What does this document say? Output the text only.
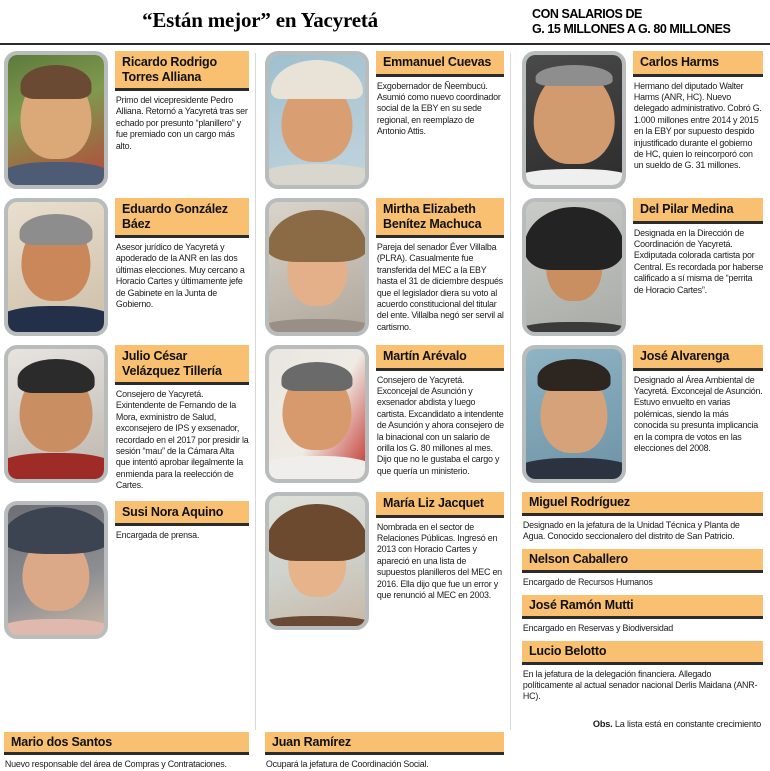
“Están mejor” en Yacyretá	CON SALARIOS DE
G. 15 MILLONES A G. 80 MILLONES
Ricardo Rodrigo Torres Alliana
Primo del vicepresidente Pedro Alliana. Retornó a Yacyretá tras ser echado por presunto “planillero” y fue premiado con un cargo más alto.
Eduardo González Báez
Asesor jurídico de Yacyretá y apoderado de la ANR en las dos últimas elecciones. Muy cercano a Horacio Cartes y últimamente jefe de Gabinete en la Junta de Gobierno.
Julio César Velázquez Tillería
Consejero de Yacyretá. Exintendente de Fernando de la Mora, exministro de Salud, exconsejero de IPS y exsenador, recordado en el 2017 por presidir la sesión “mau” de la Cámara Alta que intentó aprobar ilegalmente la enmienda para la reelección de Cartes.
Susi Nora Aquino
Encargada de prensa.
Emmanuel Cuevas
Exgobernador de Ñeembucú. Asumió como nuevo coordinador social de la EBY en su sede regional, en reemplazo de Antonio Attis.
Mirtha Elizabeth Benítez Machuca
Pareja del senador Éver Villalba (PLRA). Casualmente fue transferida del MEC a la EBY hasta el 31 de diciembre después que el legislador diera su voto al acuerdo constitucional del titular del ente. Villalba negó ser servil al cartismo.
Martín Arévalo
Consejero de Yacyretá. Exconcejal de Asunción y exsenador abdista y luego cartista. Excandidato a intendente de Asunción y ahora consejero de la binacional con un salario de orilla los G. 80 millones al mes. Dijo que no le gustaba el cargo y que quería un ministerio.
María Liz Jacquet
Nombrada en el sector de Relaciones Públicas. Ingresó en 2013 con Horacio Cartes y apareció en una lista de supuestos planilleros del MEC en 2016. Ella dijo que fue un error y que renunció al MEC en 2003.
Carlos Harms
Hermano del diputado Walter Harms (ANR, HC). Nuevo delegado administrativo. Cobró G. 1.000 millones entre 2014 y 2015 en la EBY por supuesto despido injustificado durante el gobierno de HC, quien lo reincorporó con un sueldo de G. 31 millones.
Del Pilar Medina
Designada en la Dirección de Coordinación de Yacyretá. Exdiputada colorada cartista por Central. Es recordada por haberse calificado a sí misma de “perrita de Horacio Cartes”.
José Alvarenga
Designado al Área Ambiental de Yacyretá. Exconcejal de Asunción. Estuvo envuelto en varias polémicas, siendo la más conocida su presunta implicancia en la compra de votos en las elecciones del 2008.
Miguel Rodríguez
Designado en la jefatura de la Unidad Técnica y Planta de Agua. Conocido seccionalero del distrito de San Patricio.
Nelson Caballero
Encargado de Recursos Humanos
José Ramón Mutti
Encargado en Reservas y Biodiversidad
Lucio Belotto
En la jefatura de la delegación financiera. Allegado políticamente al actual senador nacional Derlis Maidana (ANR-HC).
Obs. La lista está en constante crecimiento
Mario dos Santos
Nuevo responsable del área de Compras y Contrataciones.
Juan Ramírez
Ocupará la jefatura de Coordinación Social.
